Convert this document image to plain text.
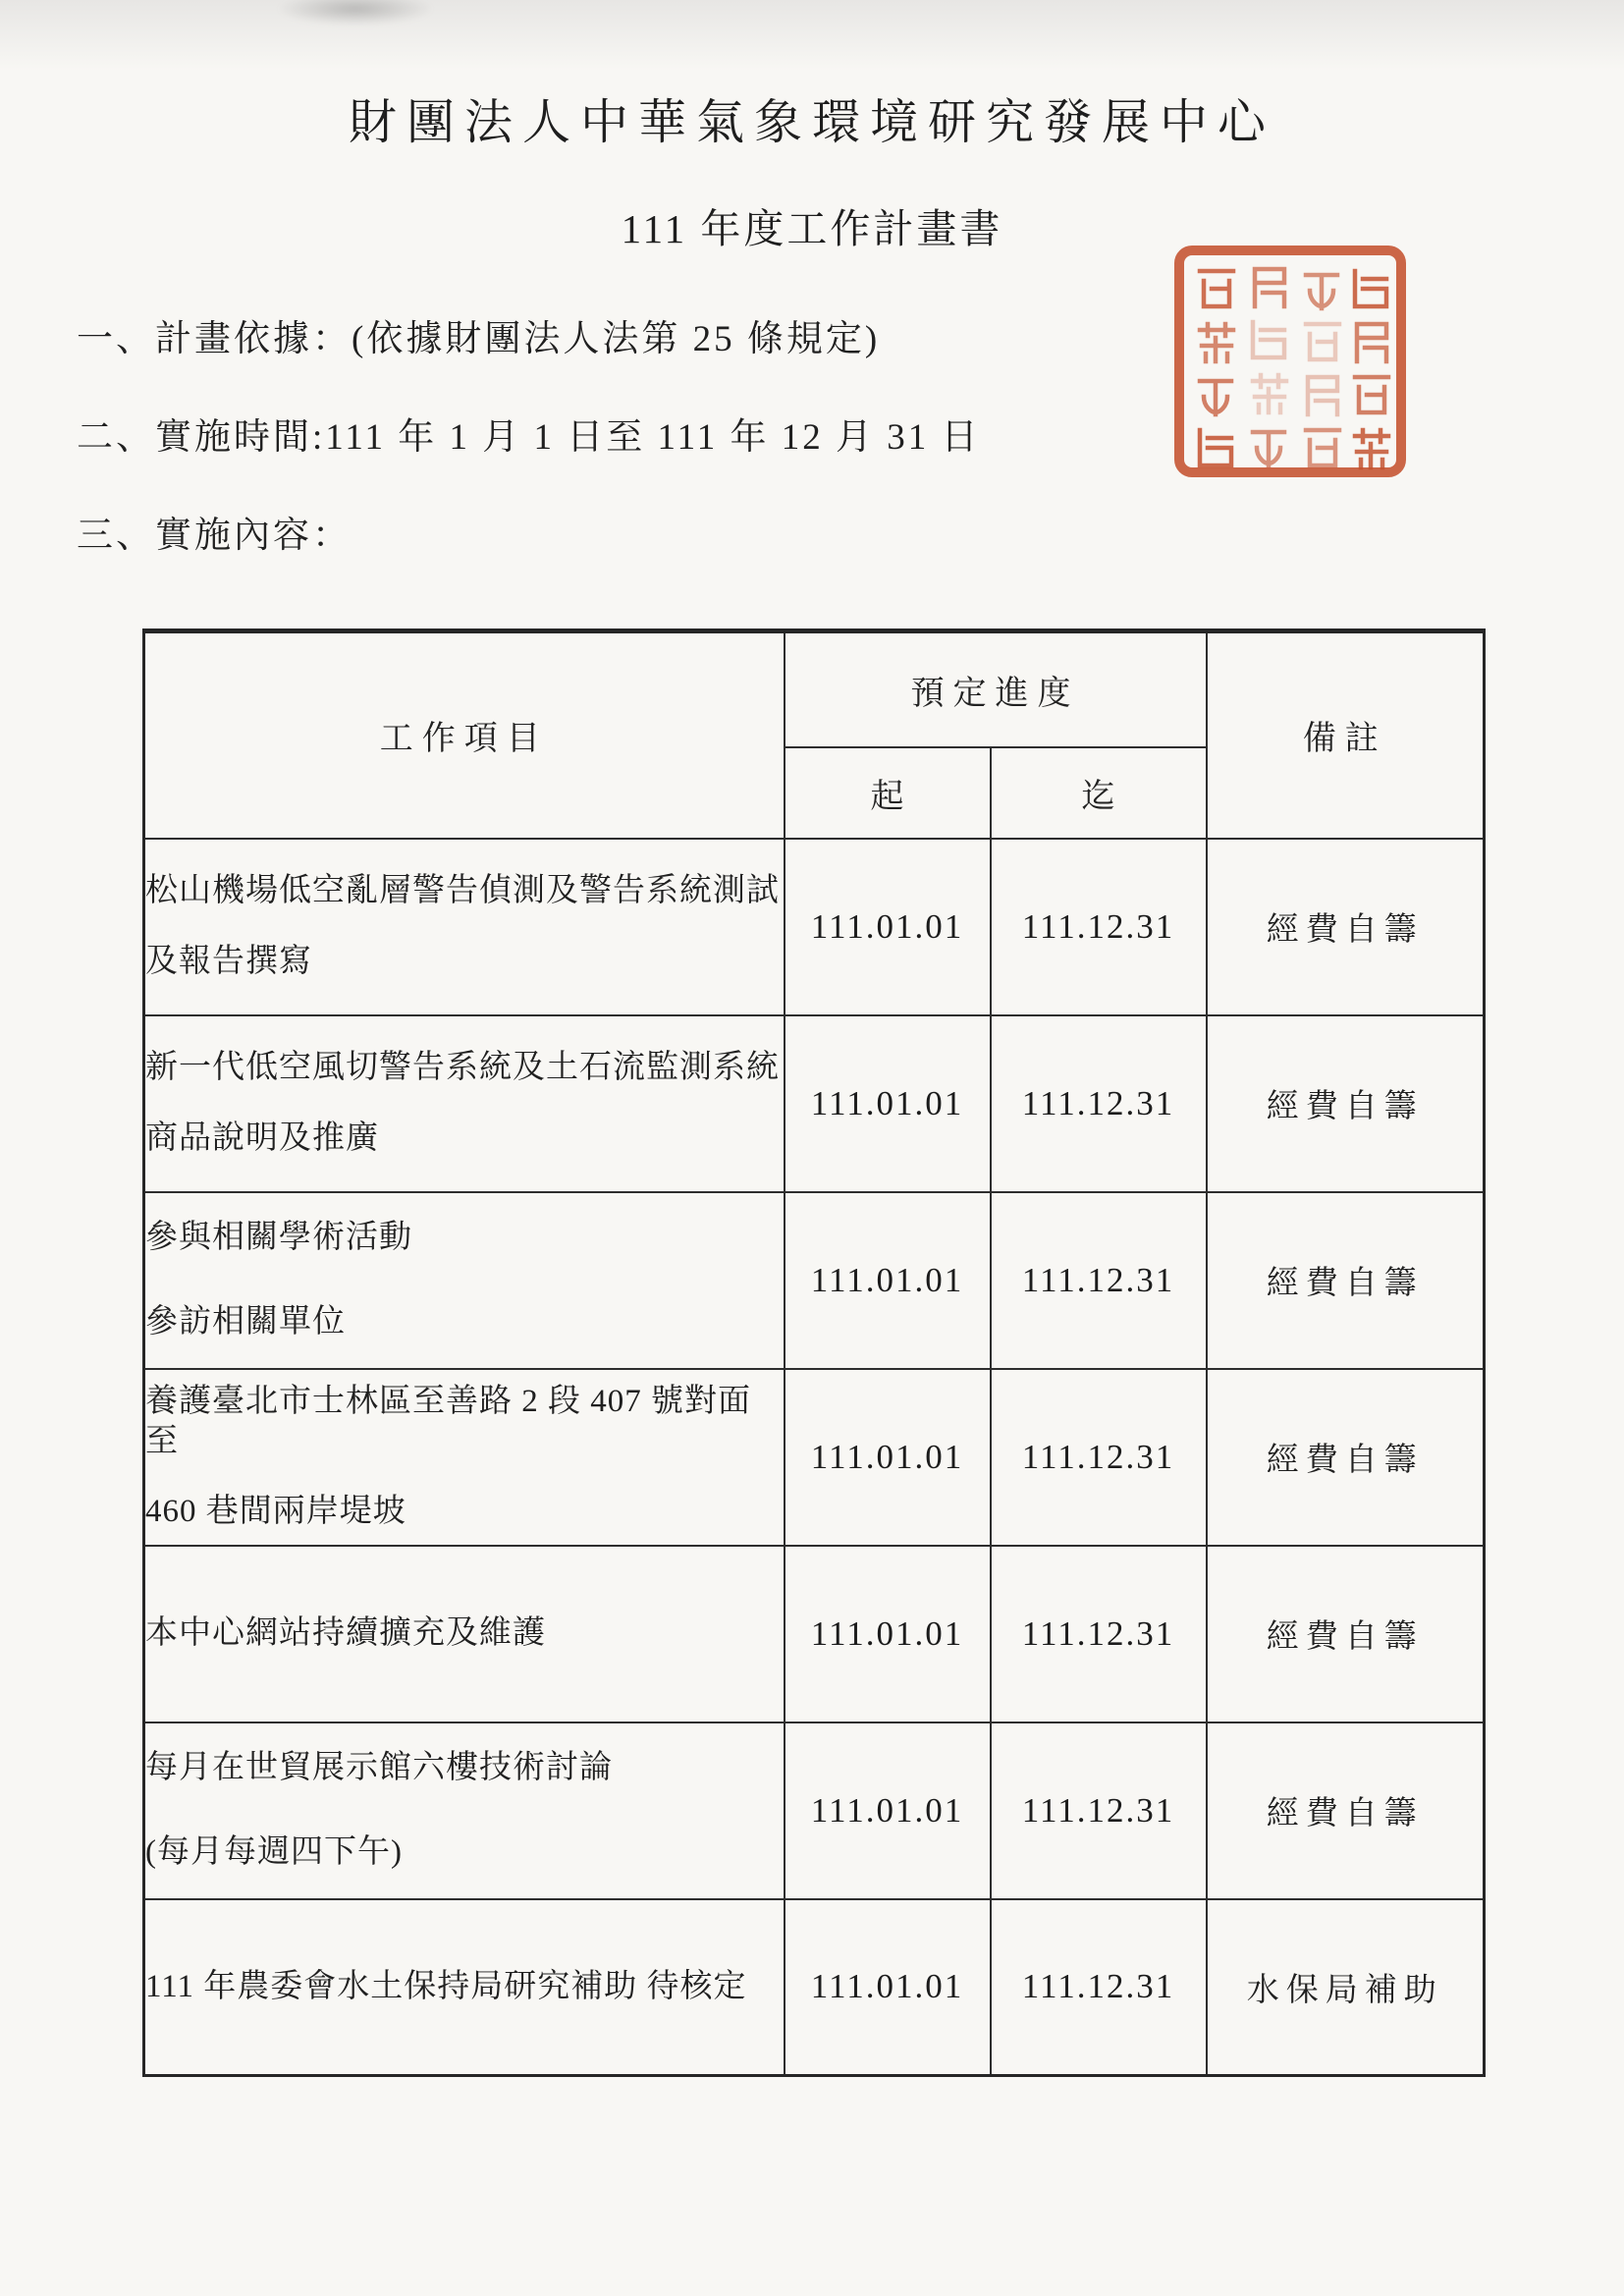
財團法人中華氣象環境研究發展中心
111 年度工作計畫書
一、計畫依據：(依據財團法人法第 25 條規定)
二、實施時間:111 年 1 月 1 日至 111 年 12 月 31 日
三、實施內容：
工作項目	預定進度		備註
	起	迄	

松山機場低空亂層警告偵測及警告系統測試
及報告撰寫	111.01.01	111.12.31	經費自籌

新一代低空風切警告系統及土石流監測系統
商品說明及推廣	111.01.01	111.12.31	經費自籌

參與相關學術活動
參訪相關單位	111.01.01	111.12.31	經費自籌

養護臺北市士林區至善路 2 段 407 號對面至
460 巷間兩岸堤坡	111.01.01	111.12.31	經費自籌

本中心網站持續擴充及維護	111.01.01	111.12.31	經費自籌

每月在世貿展示館六樓技術討論
(每月每週四下午)	111.01.01	111.12.31	經費自籌

111 年農委會水土保持局研究補助 待核定	111.01.01	111.12.31	水保局補助
